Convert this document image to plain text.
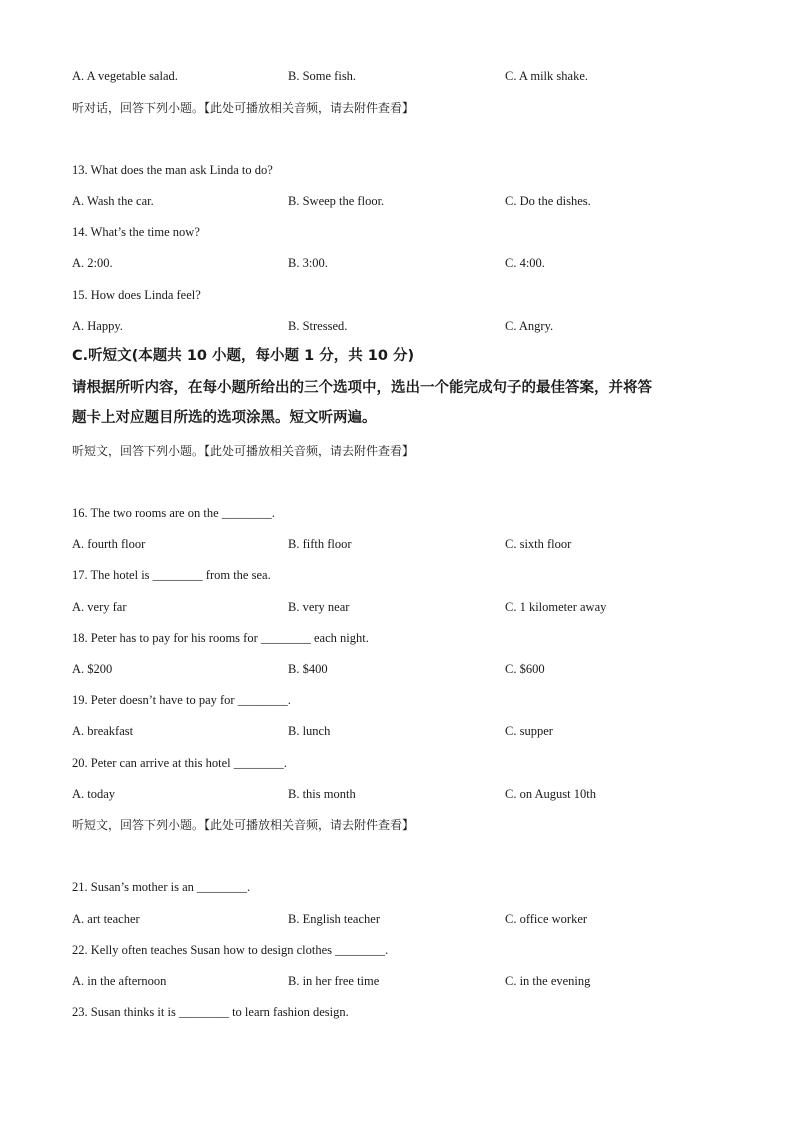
A. A vegetable salad.	B. Some fish.	C. A milk shake.
听对话，回答下列小题。【此处可播放相关音频，请去附件查看】
13. What does the man ask Linda to do?
A. Wash the car.	B. Sweep the floor.	C. Do the dishes.
14. What’s the time now?
A. 2:00.	B. 3:00.	C. 4:00.
15. How does Linda feel?
A. Happy.	B. Stressed.	C. Angry.
C.听短文(本题共 10 小题，每小题 1 分，共 10 分)
请根据所听内容，在每小题所给出的三个选项中，选出一个能完成句子的最佳答案，并将答
题卡上对应题目所选的选项涂黑。短文听两遍。
听短文，回答下列小题。【此处可播放相关音频，请去附件查看】
16. The two rooms are on the ________.
A. fourth floor	B. fifth floor	C. sixth floor
17. The hotel is ________ from the sea.
A. very far	B. very near	C. 1 kilometer away
18. Peter has to pay for his rooms for ________ each night.
A. $200	B. $400	C. $600
19. Peter doesn’t have to pay for ________.
A. breakfast	B. lunch	C. supper
20. Peter can arrive at this hotel ________.
A. today	B. this month	C. on August 10th
听短文，回答下列小题。【此处可播放相关音频，请去附件查看】
21. Susan’s mother is an ________.
A. art teacher	B. English teacher	C. office worker
22. Kelly often teaches Susan how to design clothes ________.
A. in the afternoon	B. in her free time	C. in the evening
23. Susan thinks it is ________ to learn fashion design.
